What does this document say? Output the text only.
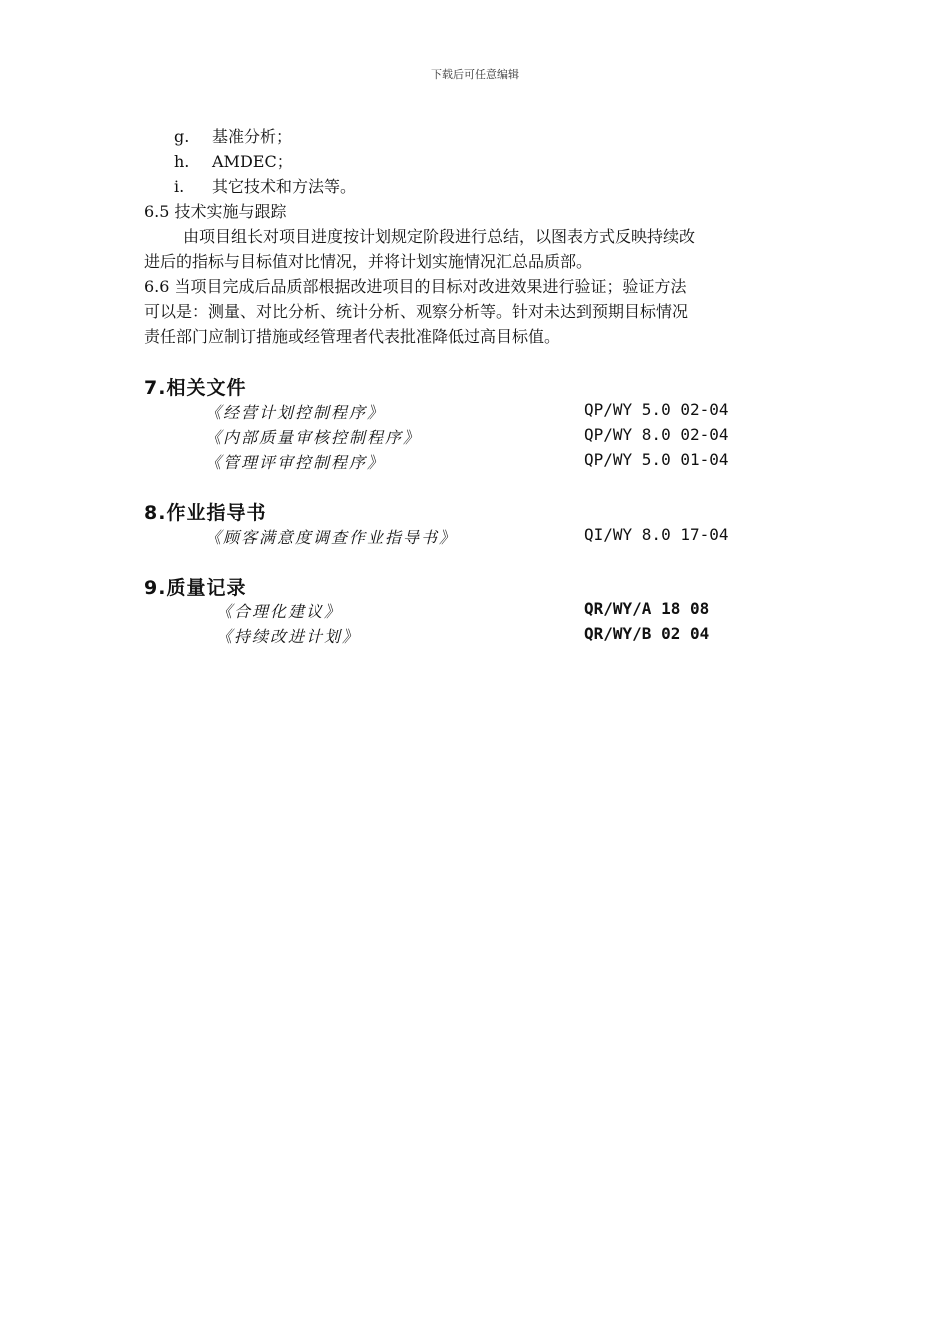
下载后可任意编辑
g. 基准分析；
h. AMDEC；
i. 其它技术和方法等。
6.5 技术实施与跟踪
由项目组长对项目进度按计划规定阶段进行总结，以图表方式反映持续改
进后的指标与目标值对比情况，并将计划实施情况汇总品质部。
6.6 当项目完成后品质部根据改进项目的目标对改进效果进行验证；验证方法
可以是：测量、对比分析、统计分析、观察分析等。针对未达到预期目标情况
责任部门应制订措施或经管理者代表批准降低过高目标值。
7.相关文件
《经营计划控制程序》	QP/WY 5.0 02-04
《内部质量审核控制程序》	QP/WY 8.0 02-04
《管理评审控制程序》	QP/WY 5.0 01-04
8.作业指导书
《顾客满意度调查作业指导书》	QI/WY 8.0 17-04
9.质量记录
《合理化建议》	QR/WY/A 18 08
《持续改进计划》	QR/WY/B 02 04
